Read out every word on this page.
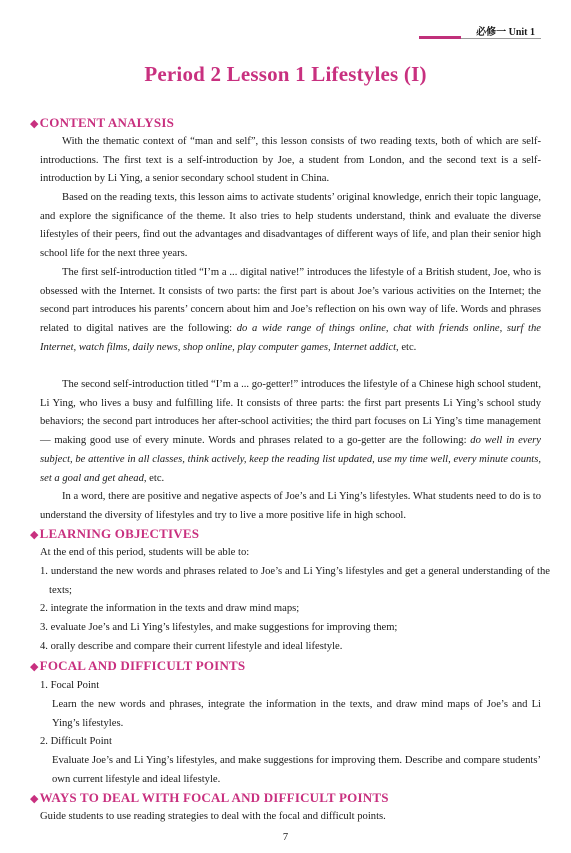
必修一 Unit 1
Period 2 Lesson 1 Lifestyles (I)
◆CONTENT ANALYSIS
With the thematic context of “man and self”, this lesson consists of two reading texts, both of which are self-introductions. The first text is a self-introduction by Joe, a student from London, and the second text is a self-introduction by Li Ying, a senior secondary school student in China.
Based on the reading texts, this lesson aims to activate students’ original knowledge, enrich their topic language, and explore the significance of the theme. It also tries to help students understand, think and evaluate the diverse lifestyles of their peers, find out the advantages and disadvantages of different ways of life, and plan their senior high school life for the next three years.
The first self-introduction titled “I’m a ... digital native!” introduces the lifestyle of a British student, Joe, who is obsessed with the Internet. It consists of two parts: the first part is about Joe’s various activities on the Internet; the second part introduces his parents’ concern about him and Joe’s reflection on his own way of life. Words and phrases related to digital natives are the following: do a wide range of things online, chat with friends online, surf the Internet, watch films, daily news, shop online, play computer games, Internet addict, etc.
The second self-introduction titled “I’m a ... go-getter!” introduces the lifestyle of a Chinese high school student, Li Ying, who lives a busy and fulfilling life. It consists of three parts: the first part presents Li Ying’s school study behaviors; the second part introduces her after-school activities; the third part focuses on Li Ying’s time management — making good use of every minute. Words and phrases related to a go-getter are the following: do well in every subject, be attentive in all classes, think actively, keep the reading list updated, use my time well, every minute counts, set a goal and get ahead, etc.
In a word, there are positive and negative aspects of Joe’s and Li Ying’s lifestyles. What students need to do is to understand the diversity of lifestyles and try to live a more positive life in high school.
◆LEARNING OBJECTIVES
At the end of this period, students will be able to:
1. understand the new words and phrases related to Joe’s and Li Ying’s lifestyles and get a general understanding of the texts;
2. integrate the information in the texts and draw mind maps;
3. evaluate Joe’s and Li Ying’s lifestyles, and make suggestions for improving them;
4. orally describe and compare their current lifestyle and ideal lifestyle.
◆FOCAL AND DIFFICULT POINTS
1. Focal Point
Learn the new words and phrases, integrate the information in the texts, and draw mind maps of Joe’s and Li Ying’s lifestyles.
2. Difficult Point
Evaluate Joe’s and Li Ying’s lifestyles, and make suggestions for improving them. Describe and compare students’ own current lifestyle and ideal lifestyle.
◆WAYS TO DEAL WITH FOCAL AND DIFFICULT POINTS
Guide students to use reading strategies to deal with the focal and difficult points.
7
